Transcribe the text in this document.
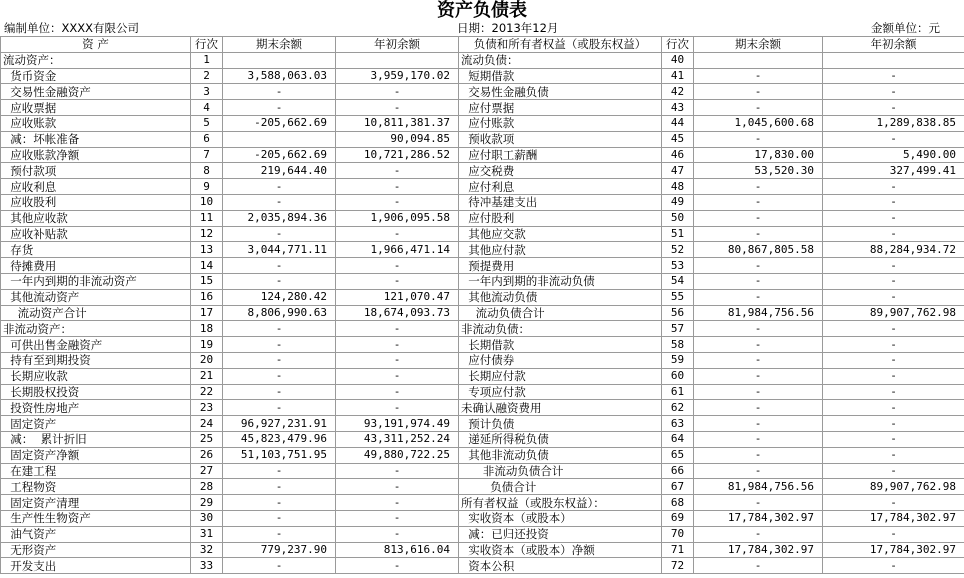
资产负债表
编制单位：XXXX有限公司	日期：2013年12月	金额单位：元
资 产	行次	期末余额	年初余额	负债和所有者权益（或股东权益）	行次	期末余额	年初余额
流动资产：	1			流动负债：	40		
货币资金	2	3,588,063.03	3,959,170.02	短期借款	41	-	-
交易性金融资产	3	-	-	交易性金融负债	42	-	-
应收票据	4	-	-	应付票据	43	-	-
应收账款	5	-205,662.69	10,811,381.37	应付账款	44	1,045,600.68	1,289,838.85
减：坏帐准备	6		90,094.85	预收款项	45	-	-
应收账款净额	7	-205,662.69	10,721,286.52	应付职工薪酬	46	17,830.00	5,490.00
预付款项	8	219,644.40	-	应交税费	47	53,520.30	327,499.41
应收利息	9	-	-	应付利息	48	-	-
应收股利	10	-	-	待冲基建支出	49	-	-
其他应收款	11	2,035,894.36	1,906,095.58	应付股利	50	-	-
应收补贴款	12	-	-	其他应交款	51	-	-
存货	13	3,044,771.11	1,966,471.14	其他应付款	52	80,867,805.58	88,284,934.72
待摊费用	14	-	-	预提费用	53	-	-
一年内到期的非流动资产	15	-	-	一年内到期的非流动负债	54	-	-
其他流动资产	16	124,280.42	121,070.47	其他流动负债	55	-	-
流动资产合计	17	8,806,990.63	18,674,093.73	流动负债合计	56	81,984,756.56	89,907,762.98
非流动资产：	18	-	-	非流动负债：	57	-	-
可供出售金融资产	19	-	-	长期借款	58	-	-
持有至到期投资	20	-	-	应付债券	59	-	-
长期应收款	21	-	-	长期应付款	60	-	-
长期股权投资	22	-	-	专项应付款	61	-	-
投资性房地产	23	-	-	未确认融资费用	62	-	-
固定资产	24	96,927,231.91	93,191,974.49	预计负债	63	-	-
减：  累计折旧	25	45,823,479.96	43,311,252.24	递延所得税负债	64	-	-
固定资产净额	26	51,103,751.95	49,880,722.25	其他非流动负债	65	-	-
在建工程	27	-	-	非流动负债合计	66	-	-
工程物资	28	-	-	负债合计	67	81,984,756.56	89,907,762.98
固定资产清理	29	-	-	所有者权益（或股东权益）：	68	-	-
生产性生物资产	30	-	-	实收资本（或股本）	69	17,784,302.97	17,784,302.97
油气资产	31	-	-	减：已归还投资	70	-	-
无形资产	32	779,237.90	813,616.04	实收资本（或股本）净额	71	17,784,302.97	17,784,302.97
开发支出	33	-	-	资本公积	72	-	-
